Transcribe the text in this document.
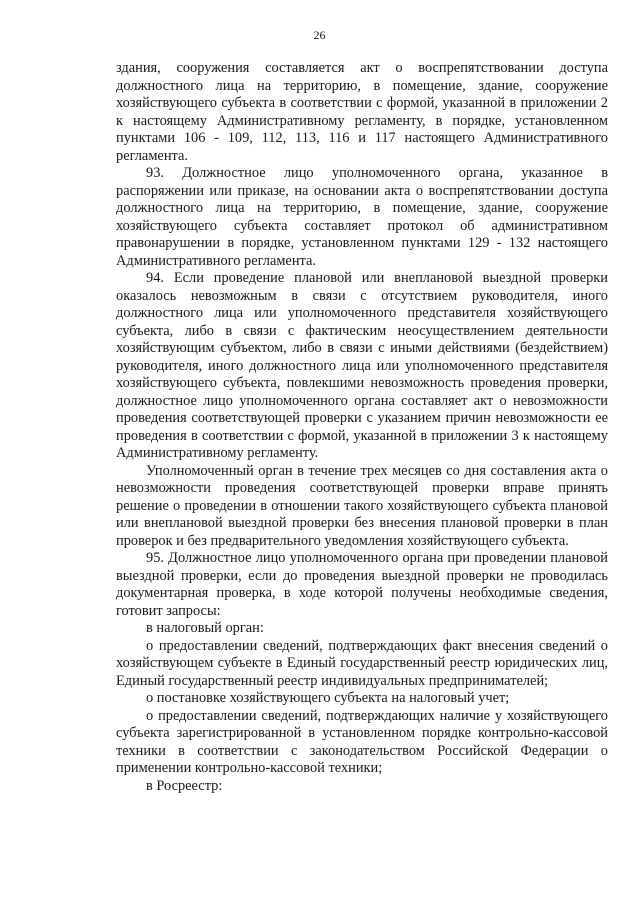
26

здания, сооружения составляется акт о воспрепятствовании доступа должностного лица на территорию, в помещение, здание, сооружение хозяйствующего субъекта в соответствии с формой, указанной в приложении 2 к настоящему Административному регламенту, в порядке, установленном пунктами 106 - 109, 112, 113, 116 и 117 настоящего Административного регламента.

93. Должностное лицо уполномоченного органа, указанное в распоряжении или приказе, на основании акта о воспрепятствовании доступа должностного лица на территорию, в помещение, здание, сооружение хозяйствующего субъекта составляет протокол об административном правонарушении в порядке, установленном пунктами 129 - 132 настоящего Административного регламента.

94. Если проведение плановой или внеплановой выездной проверки оказалось невозможным в связи с отсутствием руководителя, иного должностного лица или уполномоченного представителя хозяйствующего субъекта, либо в связи с фактическим неосуществлением деятельности хозяйствующим субъектом, либо в связи с иными действиями (бездействием) руководителя, иного должностного лица или уполномоченного представителя хозяйствующего субъекта, повлекшими невозможность проведения проверки, должностное лицо уполномоченного органа составляет акт о невозможности проведения соответствующей проверки с указанием причин невозможности ее проведения в соответствии с формой, указанной в приложении 3 к настоящему Административному регламенту.

Уполномоченный орган в течение трех месяцев со дня составления акта о невозможности проведения соответствующей проверки вправе принять решение о проведении в отношении такого хозяйствующего субъекта плановой или внеплановой выездной проверки без внесения плановой проверки в план проверок и без предварительного уведомления хозяйствующего субъекта.

95. Должностное лицо уполномоченного органа при проведении плановой выездной проверки, если до проведения выездной проверки не проводилась документарная проверка, в ходе которой получены необходимые сведения, готовит запросы:

в налоговый орган:

о предоставлении сведений, подтверждающих факт внесения сведений о хозяйствующем субъекте в Единый государственный реестр юридических лиц, Единый государственный реестр индивидуальных предпринимателей;

о постановке хозяйствующего субъекта на налоговый учет;

о предоставлении сведений, подтверждающих наличие у хозяйствующего субъекта зарегистрированной в установленном порядке контрольно-кассовой техники в соответствии с законодательством Российской Федерации о применении контрольно-кассовой техники;

в Росреестр:
